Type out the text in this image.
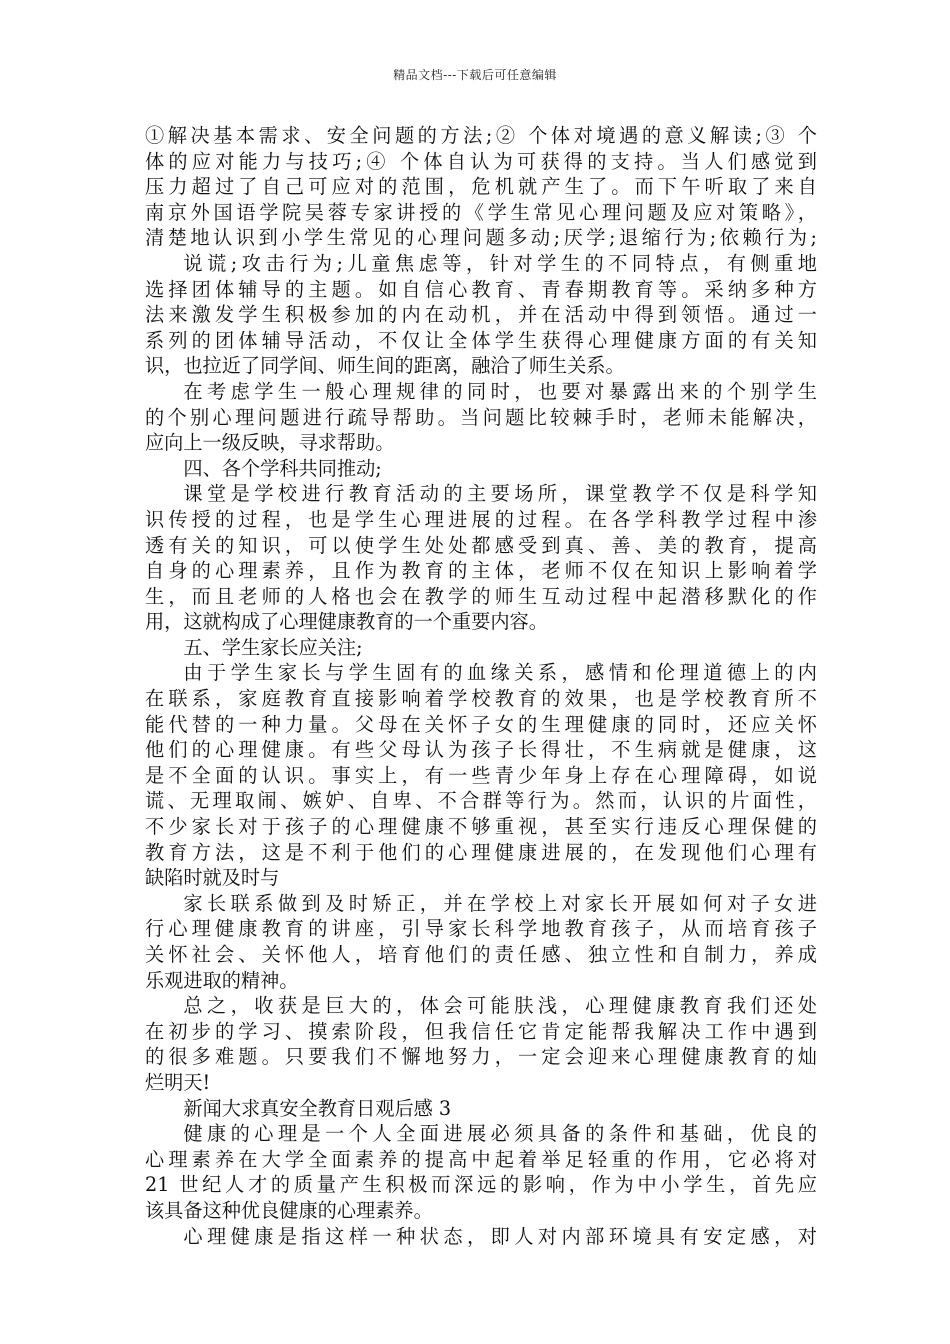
精品文档---下载后可任意编辑
①解决基本需求、安全问题的方法;② 个体对境遇的意义解读;③ 个
体的应对能力与技巧;④ 个体自认为可获得的支持。当人们感觉到
压力超过了自己可应对的范围，危机就产生了。而下午听取了来自
南京外国语学院吴蓉专家讲授的《学生常见心理问题及应对策略》，
清楚地认识到小学生常见的心理问题多动;厌学;退缩行为;依赖行为;
说谎;攻击行为;儿童焦虑等，针对学生的不同特点，有侧重地
选择团体辅导的主题。如自信心教育、青春期教育等。采纳多种方
法来激发学生积极参加的内在动机，并在活动中得到领悟。通过一
系列的团体辅导活动，不仅让全体学生获得心理健康方面的有关知
识，也拉近了同学间、师生间的距离，融洽了师生关系。
在考虑学生一般心理规律的同时，也要对暴露出来的个别学生
的个别心理问题进行疏导帮助。当问题比较棘手时，老师未能解决，
应向上一级反映，寻求帮助。
四、各个学科共同推动;
课堂是学校进行教育活动的主要场所，课堂教学不仅是科学知
识传授的过程，也是学生心理进展的过程。在各学科教学过程中渗
透有关的知识，可以使学生处处都感受到真、善、美的教育，提高
自身的心理素养，且作为教育的主体，老师不仅在知识上影响着学
生，而且老师的人格也会在教学的师生互动过程中起潜移默化的作
用，这就构成了心理健康教育的一个重要内容。
五、学生家长应关注;
由于学生家长与学生固有的血缘关系，感情和伦理道德上的内
在联系，家庭教育直接影响着学校教育的效果，也是学校教育所不
能代替的一种力量。父母在关怀子女的生理健康的同时，还应关怀
他们的心理健康。有些父母认为孩子长得壮，不生病就是健康，这
是不全面的认识。事实上，有一些青少年身上存在心理障碍，如说
谎、无理取闹、嫉妒、自卑、不合群等行为。然而，认识的片面性，
不少家长对于孩子的心理健康不够重视，甚至实行违反心理保健的
教育方法，这是不利于他们的心理健康进展的，在发现他们心理有
缺陷时就及时与
家长联系做到及时矫正，并在学校上对家长开展如何对子女进
行心理健康教育的讲座，引导家长科学地教育孩子，从而培育孩子
关怀社会、关怀他人，培育他们的责任感、独立性和自制力，养成
乐观进取的精神。
总之，收获是巨大的，体会可能肤浅，心理健康教育我们还处
在初步的学习、摸索阶段，但我信任它肯定能帮我解决工作中遇到
的很多难题。只要我们不懈地努力，一定会迎来心理健康教育的灿
烂明天!
新闻大求真安全教育日观后感 3
健康的心理是一个人全面进展必须具备的条件和基础，优良的
心理素养在大学全面素养的提高中起着举足轻重的作用，它必将对
21 世纪人才的质量产生积极而深远的影响，作为中小学生，首先应
该具备这种优良健康的心理素养。
心理健康是指这样一种状态，即人对内部环境具有安定感，对
